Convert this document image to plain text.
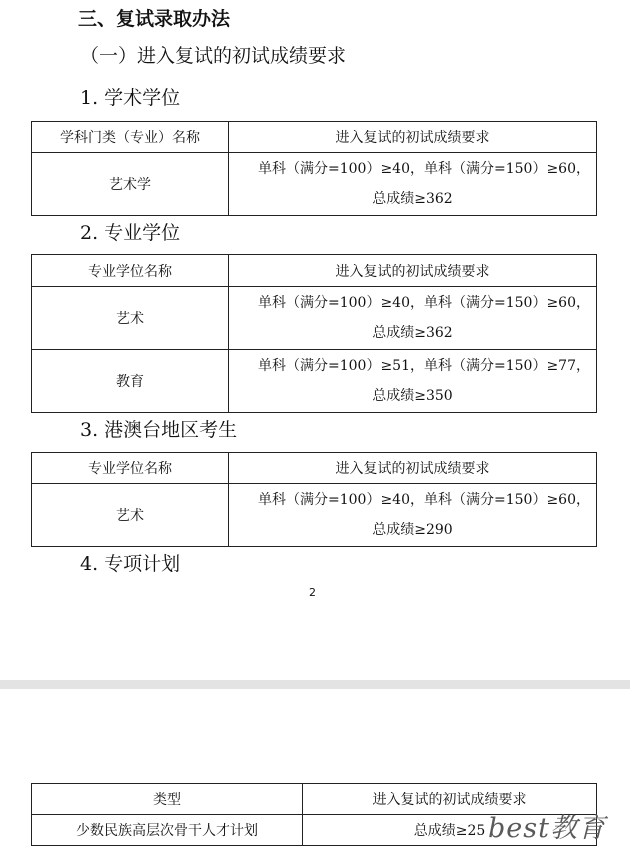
三、复试录取办法
（一）进入复试的初试成绩要求
1. 学术学位
学科门类（专业）名称	进入复试的初试成绩要求
艺术学	单科（满分=100）≥40，单科（满分=150）≥60，
总成绩≥362
2. 专业学位
专业学位名称	进入复试的初试成绩要求
艺术	单科（满分=100）≥40，单科（满分=150）≥60，
总成绩≥362

教育	单科（满分=100）≥51，单科（满分=150）≥77，
总成绩≥350
3. 港澳台地区考生
专业学位名称	进入复试的初试成绩要求
艺术	单科（满分=100）≥40，单科（满分=150）≥60，
总成绩≥290
4. 专项计划
2
类型	进入复试的初试成绩要求
少数民族高层次骨干人才计划	总成绩≥25 best教育
